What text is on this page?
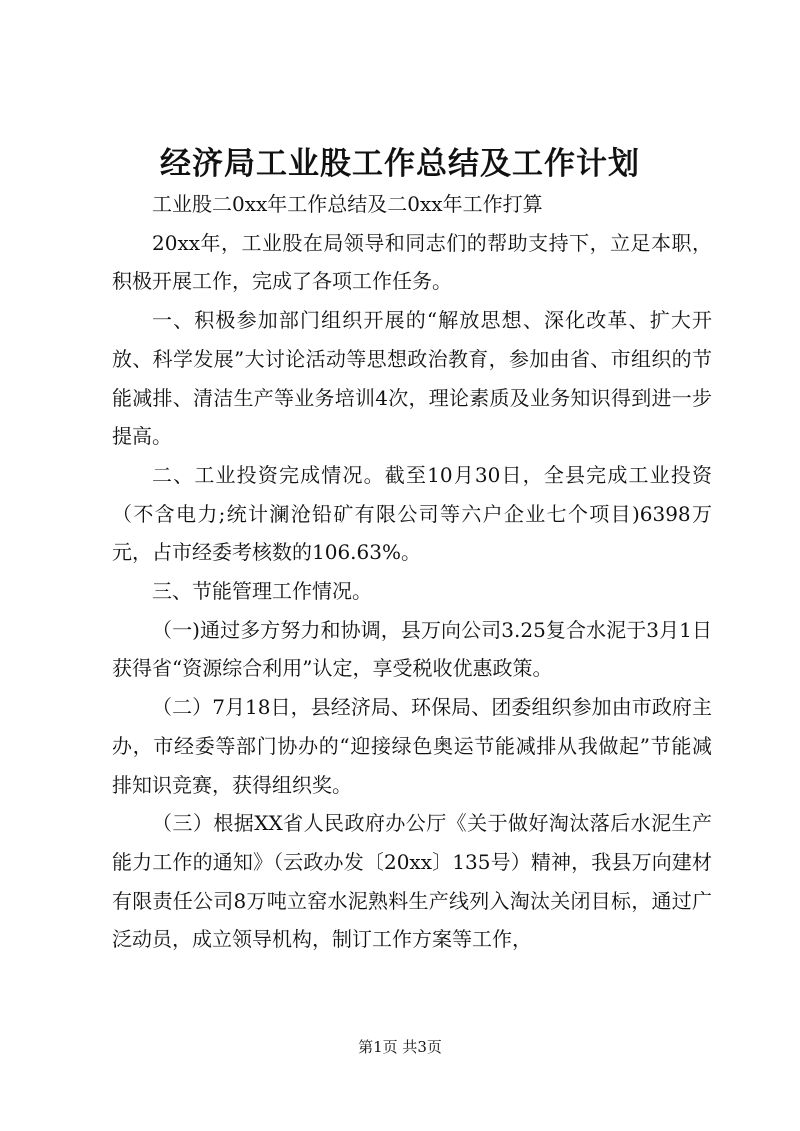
经济局工业股工作总结及工作计划

工业股二0xx年工作总结及二0xx年工作打算

20xx年，工业股在局领导和同志们的帮助支持下，立足本职，积极开展工作，完成了各项工作任务。

一、积极参加部门组织开展的“解放思想、深化改革、扩大开放、科学发展”大讨论活动等思想政治教育，参加由省、市组织的节能减排、清洁生产等业务培训4次，理论素质及业务知识得到进一步提高。

二、工业投资完成情况。截至10月30日，全县完成工业投资（不含电力;统计澜沧铅矿有限公司等六户企业七个项目)6398万元，占市经委考核数的106.63%。

三、节能管理工作情况。

（一)通过多方努力和协调，县万向公司3.25复合水泥于3月1日获得省“资源综合利用”认定，享受税收优惠政策。

（二）7月18日，县经济局、环保局、团委组织参加由市政府主办，市经委等部门协办的“迎接绿色奥运节能减排从我做起”节能减排知识竞赛，获得组织奖。

（三）根据XX省人民政府办公厅《关于做好淘汰落后水泥生产能力工作的通知》（云政办发〔20xx〕135号）精神，我县万向建材有限责任公司8万吨立窑水泥熟料生产线列入淘汰关闭目标，通过广泛动员，成立领导机构，制订工作方案等工作，

第1页 共3页
